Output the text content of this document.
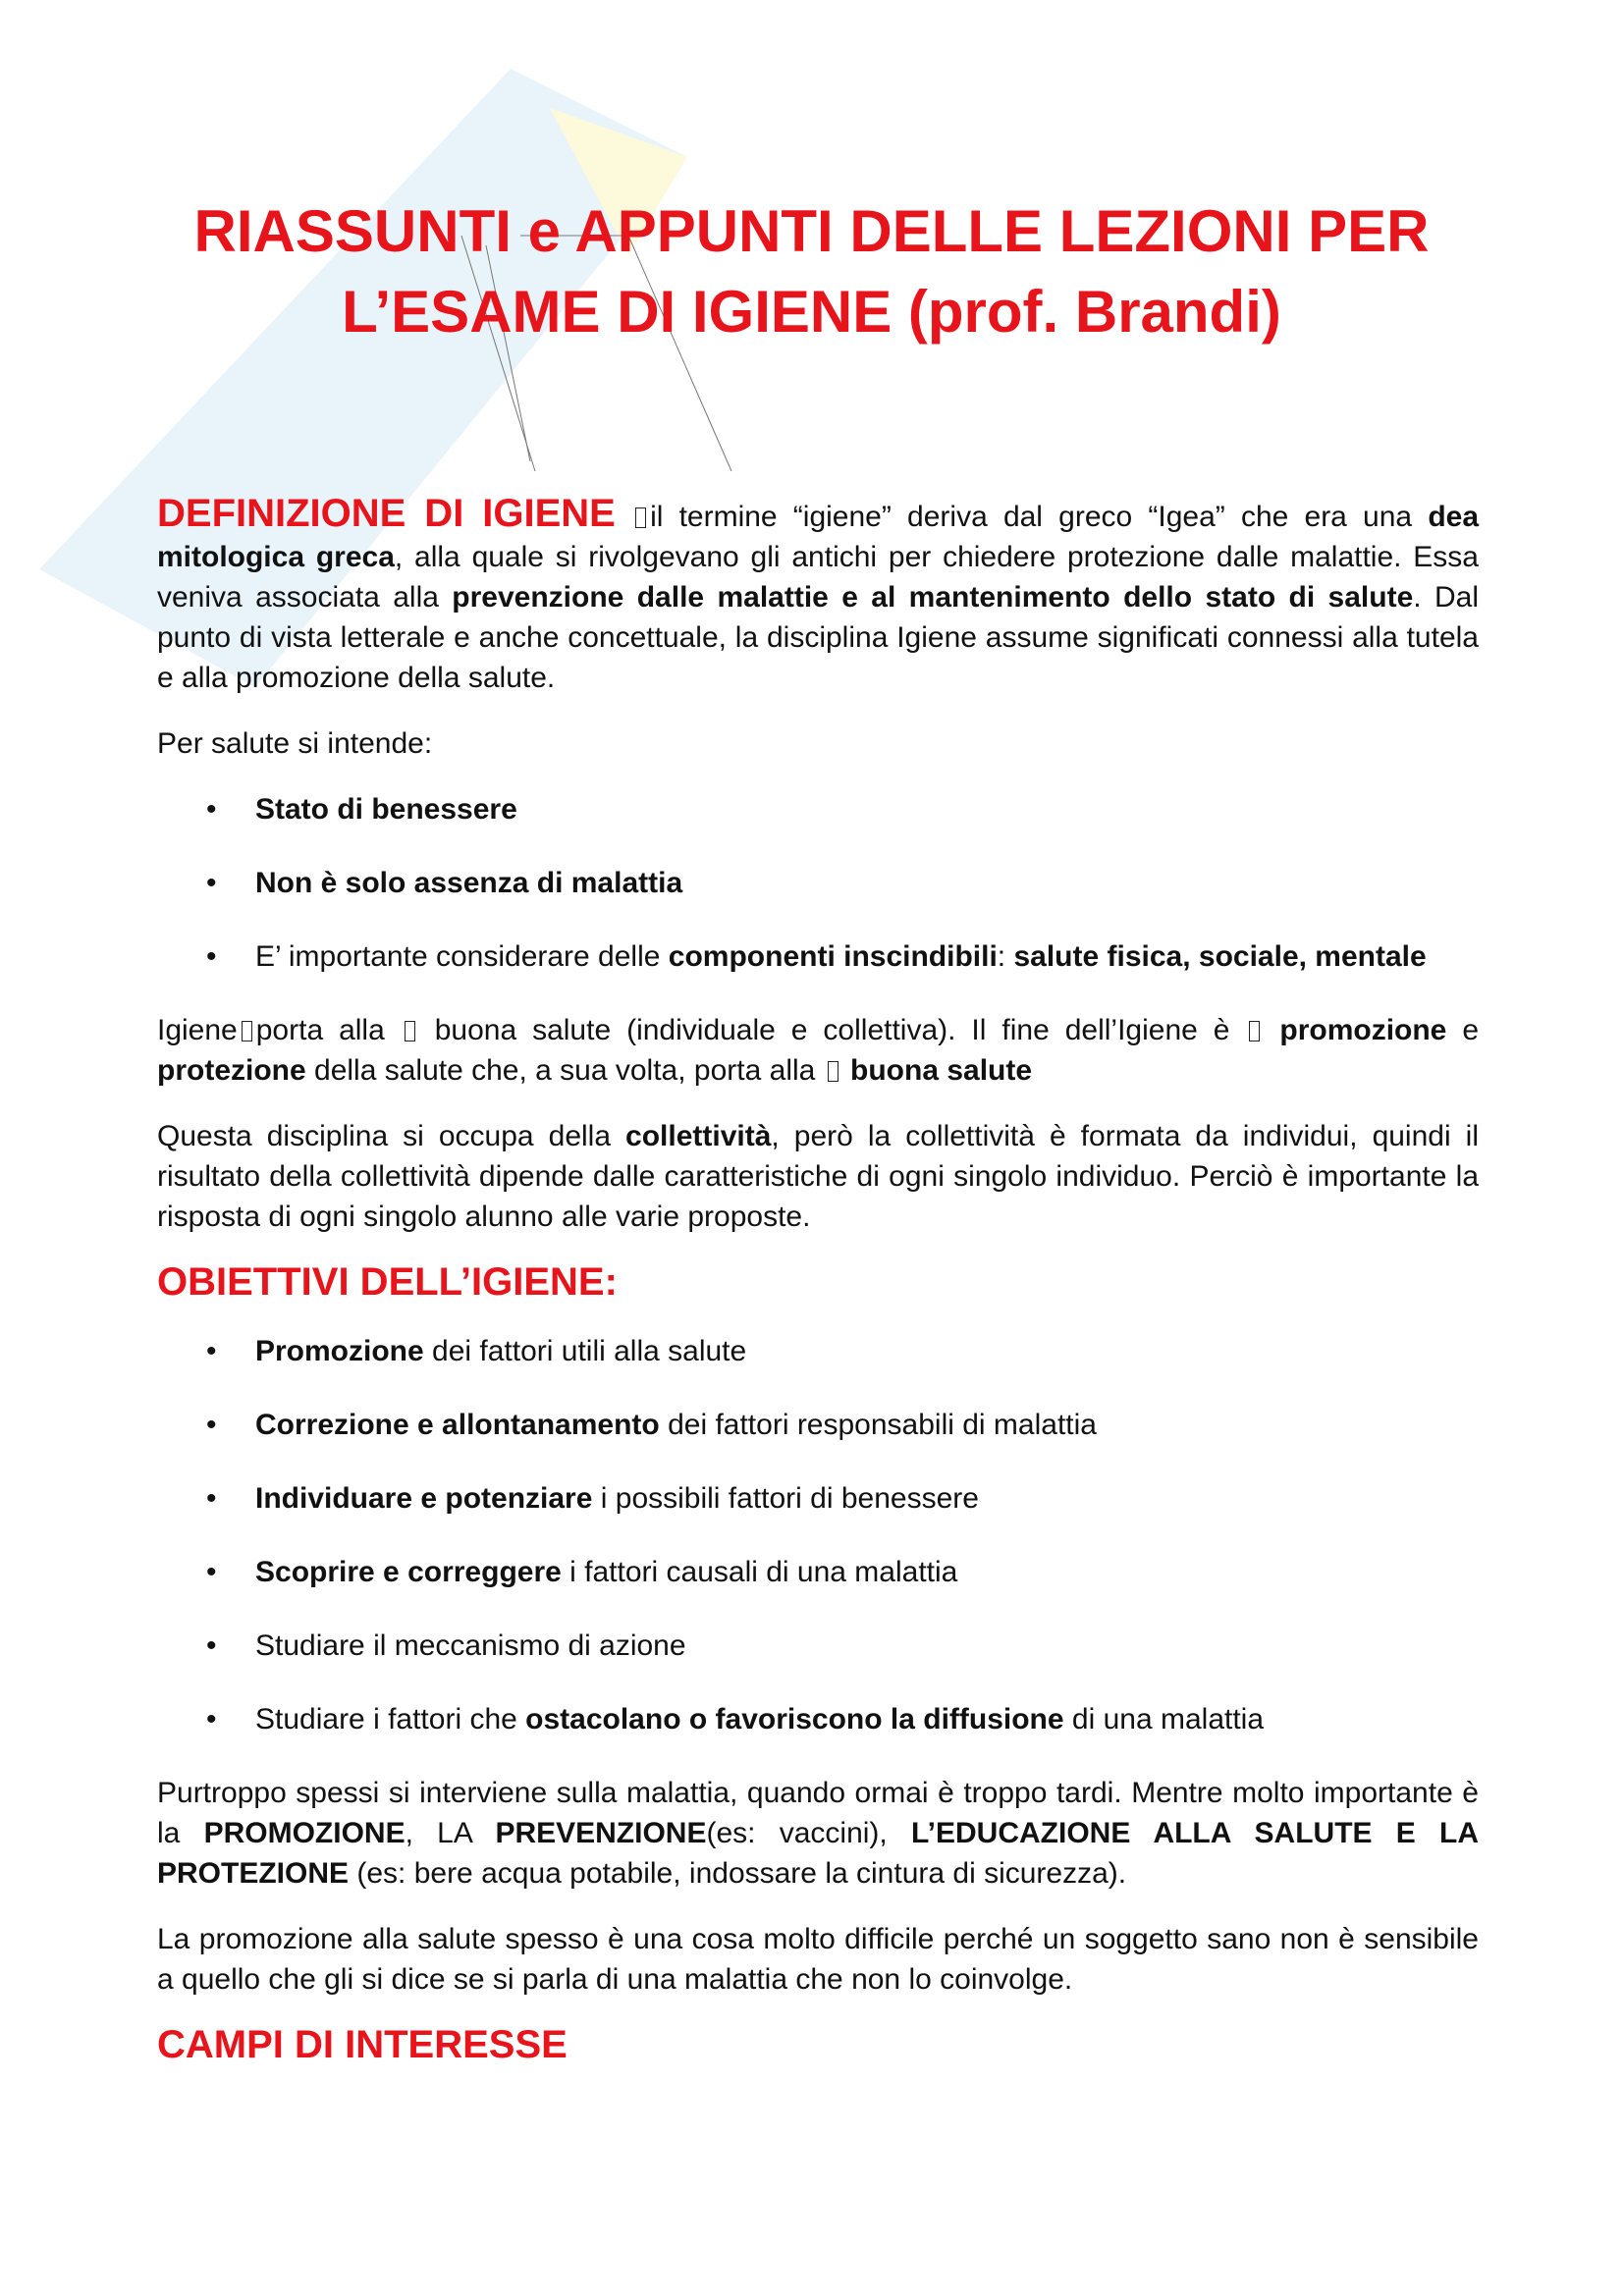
RIASSUNTI e APPUNTI DELLE LEZIONI PER
L’ESAME DI IGIENE (prof. Brandi)
DEFINIZIONE DI IGIENE il termine “igiene” deriva dal greco “Igea” che era una dea mitologica greca, alla quale si rivolgevano gli antichi per chiedere protezione dalle malattie. Essa veniva associata alla prevenzione dalle malattie e al mantenimento dello stato di salute. Dal punto di vista letterale e anche concettuale, la disciplina Igiene assume significati connessi alla tutela e alla promozione della salute.
Per salute si intende:
• Stato di benessere
• Non è solo assenza di malattia
• E’ importante considerare delle componenti inscindibili: salute fisica, sociale, mentale
Igiene porta alla  buona salute (individuale e collettiva). Il fine dell’Igiene è  promozione e protezione della salute che, a sua volta, porta alla  buona salute
Questa disciplina si occupa della collettività, però la collettività è formata da individui, quindi il risultato della collettività dipende dalle caratteristiche di ogni singolo individuo. Perciò è importante la risposta di ogni singolo alunno alle varie proposte.
OBIETTIVI DELL’IGIENE:
• Promozione dei fattori utili alla salute
• Correzione e allontanamento dei fattori responsabili di malattia
• Individuare e potenziare i possibili fattori di benessere
• Scoprire e correggere i fattori causali di una malattia
• Studiare il meccanismo di azione
• Studiare i fattori che ostacolano o favoriscono la diffusione di una malattia
Purtroppo spessi si interviene sulla malattia, quando ormai è troppo tardi. Mentre molto importante è la PROMOZIONE, LA PREVENZIONE(es: vaccini), L’EDUCAZIONE ALLA SALUTE E LA PROTEZIONE (es: bere acqua potabile, indossare la cintura di sicurezza).
La promozione alla salute spesso è una cosa molto difficile perché un soggetto sano non è sensibile a quello che gli si dice se si parla di una malattia che non lo coinvolge.
CAMPI DI INTERESSE
